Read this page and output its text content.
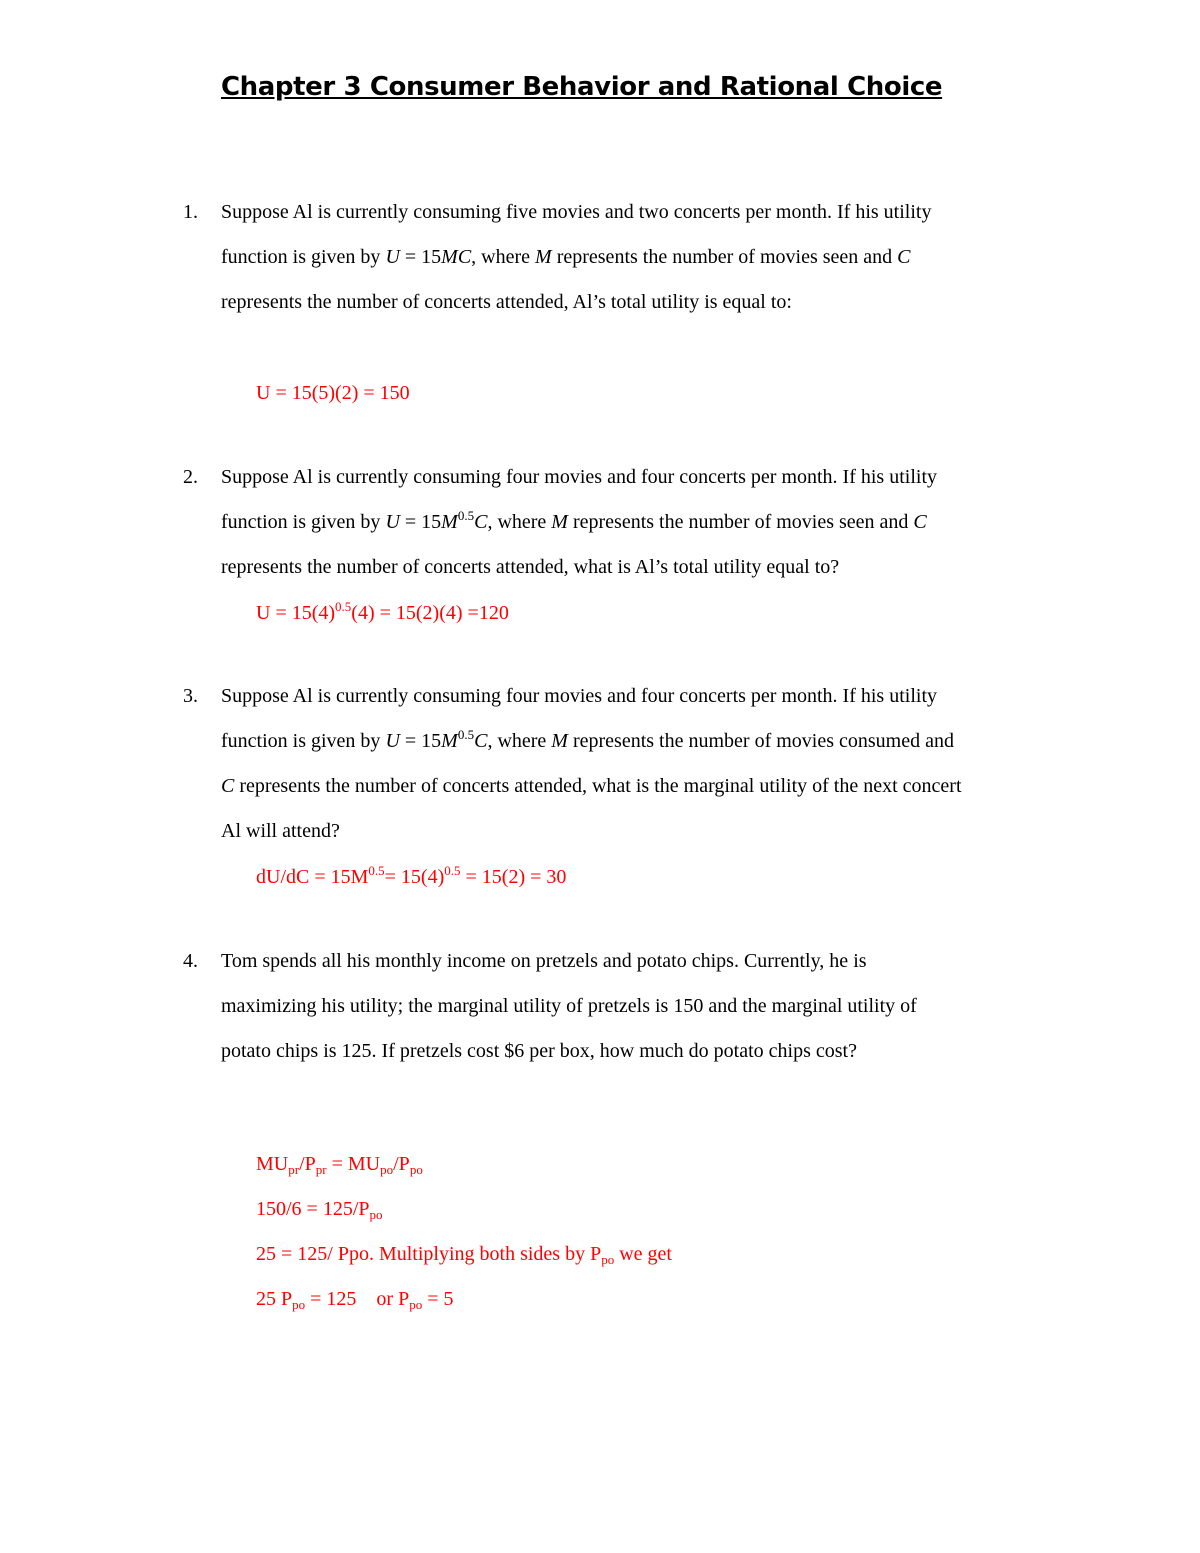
Chapter 3 Consumer Behavior and Rational Choice
1. Suppose Al is currently consuming five movies and two concerts per month. If his utility
function is given by U = 15MC, where M represents the number of movies seen and C
represents the number of concerts attended, Al’s total utility is equal to:
U = 15(5)(2) = 150
2. Suppose Al is currently consuming four movies and four concerts per month. If his utility
function is given by $U = 15M^{0.5}C$, where M represents the number of movies seen and C
represents the number of concerts attended, what is Al’s total utility equal to?
$U = 15(4)^{0.5}(4) = 15(2)(4) =120$
3. Suppose Al is currently consuming four movies and four concerts per month. If his utility
function is given by $U = 15M^{0.5}C$, where M represents the number of movies consumed and
C represents the number of concerts attended, what is the marginal utility of the next concert
Al will attend?
$dU/dC = 15M^{0.5}= 15(4)^{0.5} = 15(2) = 30$
4. Tom spends all his monthly income on pretzels and potato chips. Currently, he is
maximizing his utility; the marginal utility of pretzels is 150 and the marginal utility of
potato chips is 125. If pretzels cost $6 per box, how much do potato chips cost?
$MU_{pr}/P_{pr} = MU_{po}/P_{po}$
$150/6 = 125/P_{po}$
25 = 125/ Ppo. Multiplying both sides by $P_{po}$ we get
25 $P_{po} = 125$    or $P_{po} = 5$
